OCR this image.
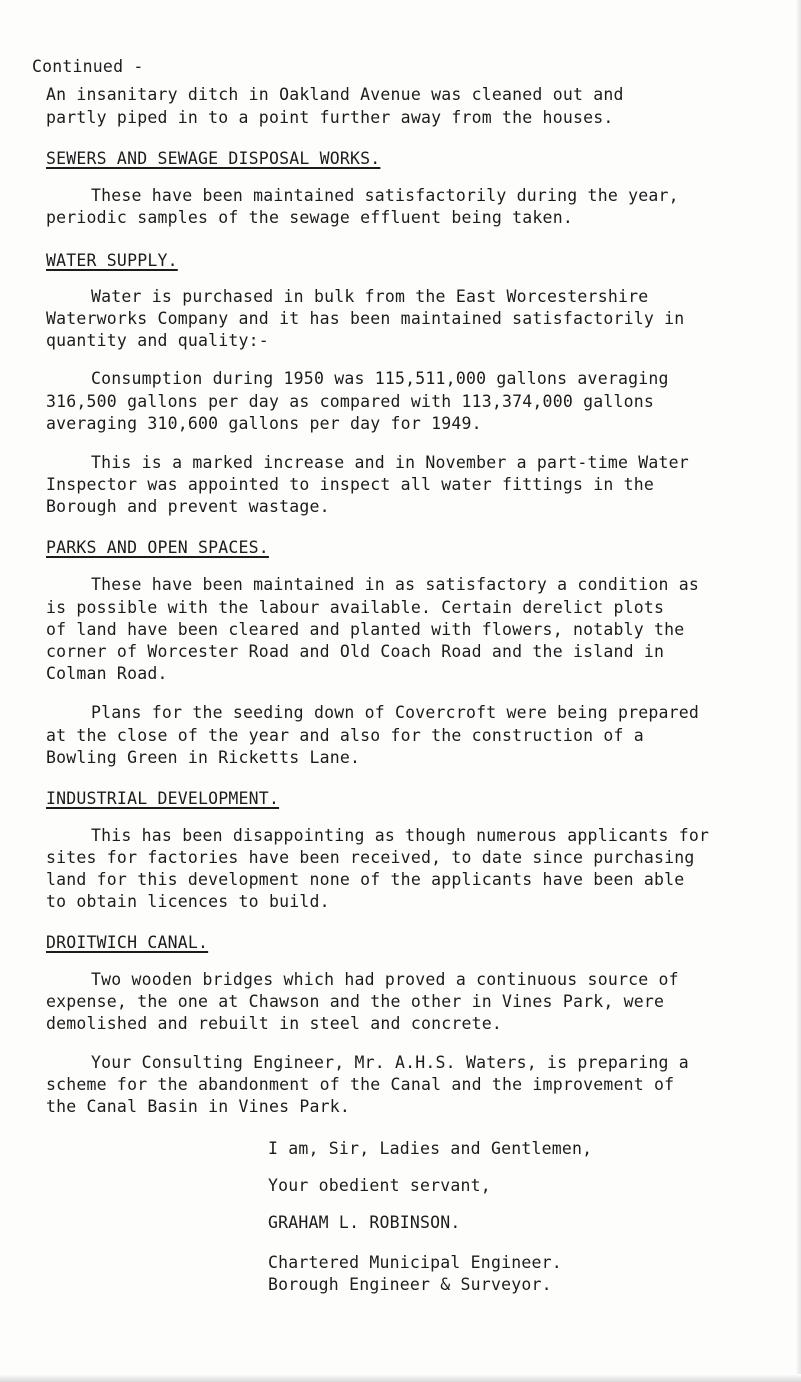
Continued -
An insanitary ditch in Oakland Avenue was cleaned out and
partly piped in to a point further away from the houses.
SEWERS AND SEWAGE DISPOSAL WORKS.
These have been maintained satisfactorily during the year,
periodic samples of the sewage effluent being taken.
WATER SUPPLY.
Water is purchased in bulk from the East Worcestershire
Waterworks Company and it has been maintained satisfactorily in
quantity and quality:-
Consumption during 1950 was 115,511,000 gallons averaging
316,500 gallons per day as compared with 113,374,000 gallons
averaging 310,600 gallons per day for 1949.
This is a marked increase and in November a part-time Water
Inspector was appointed to inspect all water fittings in the
Borough and prevent wastage.
PARKS AND OPEN SPACES.
These have been maintained in as satisfactory a condition as
is possible with the labour available. Certain derelict plots
of land have been cleared and planted with flowers, notably the
corner of Worcester Road and Old Coach Road and the island in
Colman Road.
Plans for the seeding down of Covercroft were being prepared
at the close of the year and also for the construction of a
Bowling Green in Ricketts Lane.
INDUSTRIAL DEVELOPMENT.
This has been disappointing as though numerous applicants for
sites for factories have been received, to date since purchasing
land for this development none of the applicants have been able
to obtain licences to build.
DROITWICH CANAL.
Two wooden bridges which had proved a continuous source of
expense, the one at Chawson and the other in Vines Park, were
demolished and rebuilt in steel and concrete.
Your Consulting Engineer, Mr. A.H.S. Waters, is preparing a
scheme for the abandonment of the Canal and the improvement of
the Canal Basin in Vines Park.
I am, Sir, Ladies and Gentlemen,
Your obedient servant,
GRAHAM L. ROBINSON.
Chartered Municipal Engineer.
Borough Engineer & Surveyor.
